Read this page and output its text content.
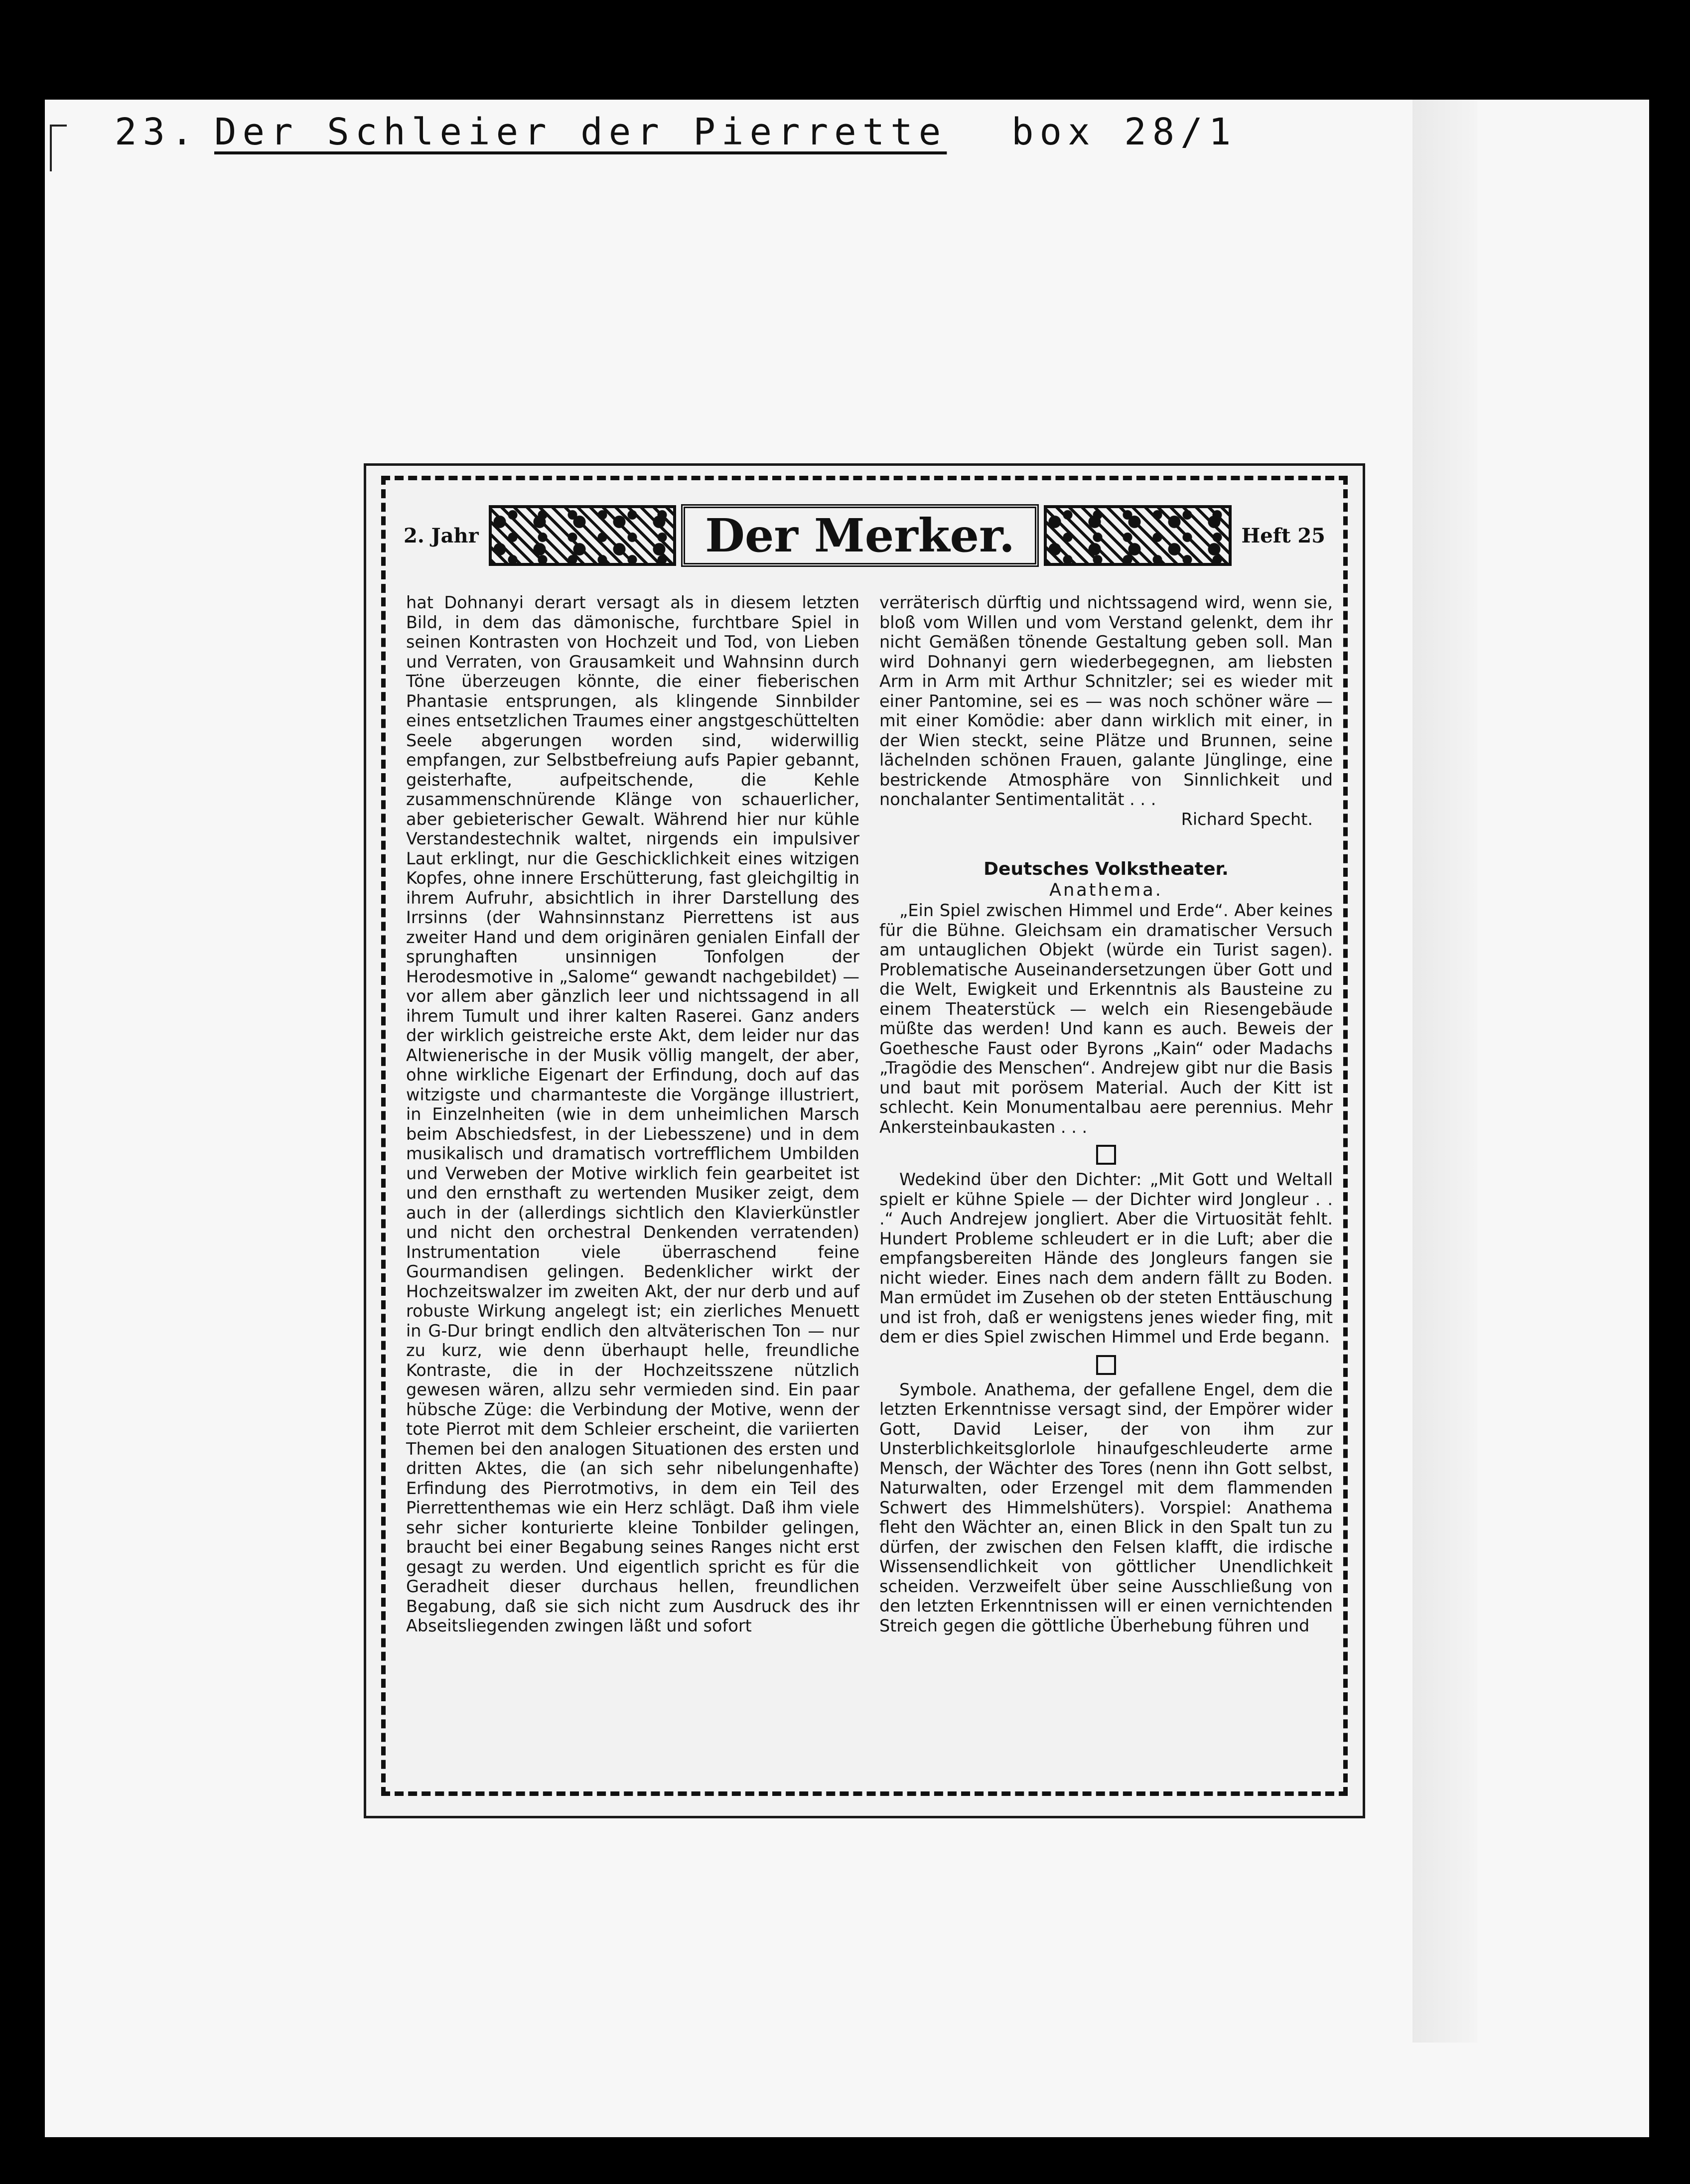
23. Der Schleier der Pierrette box 28/1
2. Jahr	Der Merker.	Heft 25

hat Dohnanyi derart versagt als in diesem letzten Bild, in dem das dämonische, furchtbare Spiel in seinen Kontrasten von Hochzeit und Tod, von Lieben und Verraten, von Grausamkeit und Wahnsinn durch Töne überzeugen könnte, die einer fieberischen Phantasie entsprungen, als klingende Sinnbilder eines entsetzlichen Traumes einer angstgeschüttelten Seele abgerungen worden sind, widerwillig empfangen, zur Selbstbefreiung aufs Papier gebannt, geisterhafte, aufpeitschende, die Kehle zusammenschnürende Klänge von schauerlicher, aber gebieterischer Gewalt. Während hier nur kühle Verstandestechnik waltet, nirgends ein impulsiver Laut erklingt, nur die Geschicklichkeit eines witzigen Kopfes, ohne innere Erschütterung, fast gleichgiltig in ihrem Aufruhr, absichtlich in ihrer Darstellung des Irrsinns (der Wahnsinnstanz Pierrettens ist aus zweiter Hand und dem originären genialen Einfall der sprunghaften unsinnigen Tonfolgen der Herodesmotive in „Salome“ gewandt nachgebildet) — vor allem aber gänzlich leer und nichtssagend in all ihrem Tumult und ihrer kalten Raserei. Ganz anders der wirklich geistreiche erste Akt, dem leider nur das Altwienerische in der Musik völlig mangelt, der aber, ohne wirkliche Eigenart der Erfindung, doch auf das witzigste und charmanteste die Vorgänge illustriert, in Einzelnheiten (wie in dem unheimlichen Marsch beim Abschiedsfest, in der Liebesszene) und in dem musikalisch und dramatisch vortrefflichem Umbilden und Verweben der Motive wirklich fein gearbeitet ist und den ernsthaft zu wertenden Musiker zeigt, dem auch in der (allerdings sichtlich den Klavierkünstler und nicht den orchestral Denkenden verratenden) Instrumentation viele überraschend feine Gourmandisen gelingen. Bedenklicher wirkt der Hochzeitswalzer im zweiten Akt, der nur derb und auf robuste Wirkung angelegt ist; ein zierliches Menuett in G-Dur bringt endlich den altväterischen Ton — nur zu kurz, wie denn überhaupt helle, freundliche Kontraste, die in der Hochzeitsszene nützlich gewesen wären, allzu sehr vermieden sind. Ein paar hübsche Züge: die Verbindung der Motive, wenn der tote Pierrot mit dem Schleier erscheint, die variierten Themen bei den analogen Situationen des ersten und dritten Aktes, die (an sich sehr nibelungenhafte) Erfindung des Pierrotmotivs, in dem ein Teil des Pierrettenthemas wie ein Herz schlägt. Daß ihm viele sehr sicher konturierte kleine Tonbilder gelingen, braucht bei einer Begabung seines Ranges nicht erst gesagt zu werden. Und eigentlich spricht es für die Geradheit dieser durchaus hellen, freundlichen Begabung, daß sie sich nicht zum Ausdruck des ihr Abseitsliegenden zwingen läßt und sofort

verräterisch dürftig und nichtssagend wird, wenn sie, bloß vom Willen und vom Verstand gelenkt, dem ihr nicht Gemäßen tönende Gestaltung geben soll. Man wird Dohnanyi gern wiederbegegnen, am liebsten Arm in Arm mit Arthur Schnitzler; sei es wieder mit einer Pantomine, sei es — was noch schöner wäre — mit einer Komödie: aber dann wirklich mit einer, in der Wien steckt, seine Plätze und Brunnen, seine lächelnden schönen Frauen, galante Jünglinge, eine bestrickende Atmosphäre von Sinnlichkeit und nonchalanter Sentimentalität . . .

Richard Specht.

Deutsches Volkstheater.
Anathema.

„Ein Spiel zwischen Himmel und Erde“. Aber keines für die Bühne. Gleichsam ein dramatischer Versuch am untauglichen Objekt (würde ein Turist sagen). Problematische Auseinandersetzungen über Gott und die Welt, Ewigkeit und Erkenntnis als Bausteine zu einem Theaterstück — welch ein Riesengebäude müßte das werden! Und kann es auch. Beweis der Goethesche Faust oder Byrons „Kain“ oder Madachs „Tragödie des Menschen“. Andrejew gibt nur die Basis und baut mit porösem Material. Auch der Kitt ist schlecht. Kein Monumentalbau aere perennius. Mehr Ankersteinbaukasten . . .

Wedekind über den Dichter: „Mit Gott und Weltall spielt er kühne Spiele — der Dichter wird Jongleur . . .“ Auch Andrejew jongliert. Aber die Virtuosität fehlt. Hundert Probleme schleudert er in die Luft; aber die empfangsbereiten Hände des Jongleurs fangen sie nicht wieder. Eines nach dem andern fällt zu Boden. Man ermüdet im Zusehen ob der steten Enttäuschung und ist froh, daß er wenigstens jenes wieder fing, mit dem er dies Spiel zwischen Himmel und Erde begann.

Symbole. Anathema, der gefallene Engel, dem die letzten Erkenntnisse versagt sind, der Empörer wider Gott, David Leiser, der von ihm zur Unsterblichkeitsglorlole hinaufgeschleuderte arme Mensch, der Wächter des Tores (nenn ihn Gott selbst, Naturwalten, oder Erzengel mit dem flammenden Schwert des Himmelshüters). Vorspiel: Anathema fleht den Wächter an, einen Blick in den Spalt tun zu dürfen, der zwischen den Felsen klafft, die irdische Wissensendlichkeit von göttlicher Unendlichkeit scheiden. Verzweifelt über seine Ausschließung von den letzten Erkenntnissen will er einen vernichtenden Streich gegen die göttliche Überhebung führen und
